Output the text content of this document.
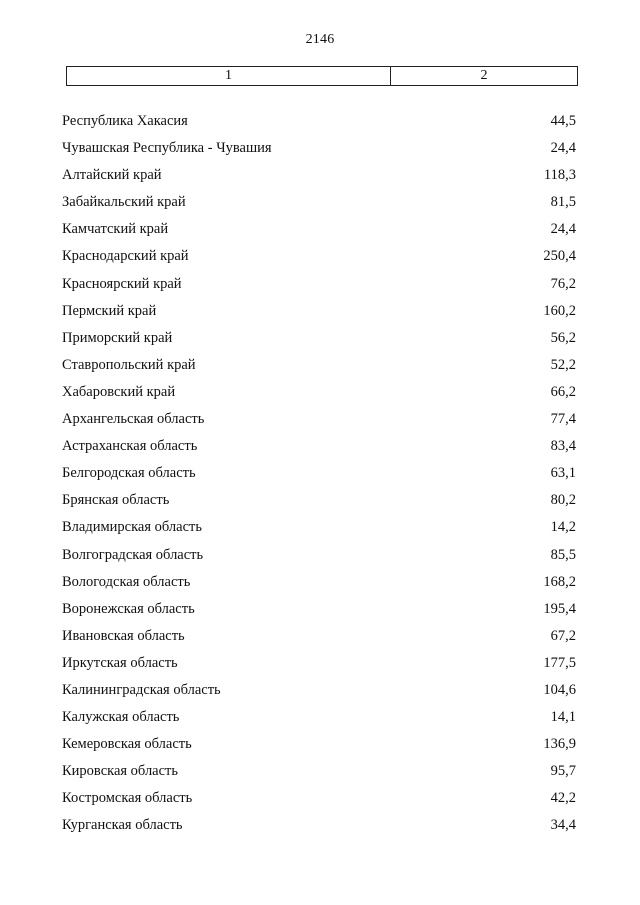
2146
1	2
Республика Хакасия	44,5
Чувашская Республика - Чувашия	24,4
Алтайский край	118,3
Забайкальский край	81,5
Камчатский край	24,4
Краснодарский край	250,4
Красноярский край	76,2
Пермский край	160,2
Приморский край	56,2
Ставропольский край	52,2
Хабаровский край	66,2
Архангельская область	77,4
Астраханская область	83,4
Белгородская область	63,1
Брянская область	80,2
Владимирская область	14,2
Волгоградская область	85,5
Вологодская область	168,2
Воронежская область	195,4
Ивановская область	67,2
Иркутская область	177,5
Калининградская область	104,6
Калужская область	14,1
Кемеровская область	136,9
Кировская область	95,7
Костромская область	42,2
Курганская область	34,4
